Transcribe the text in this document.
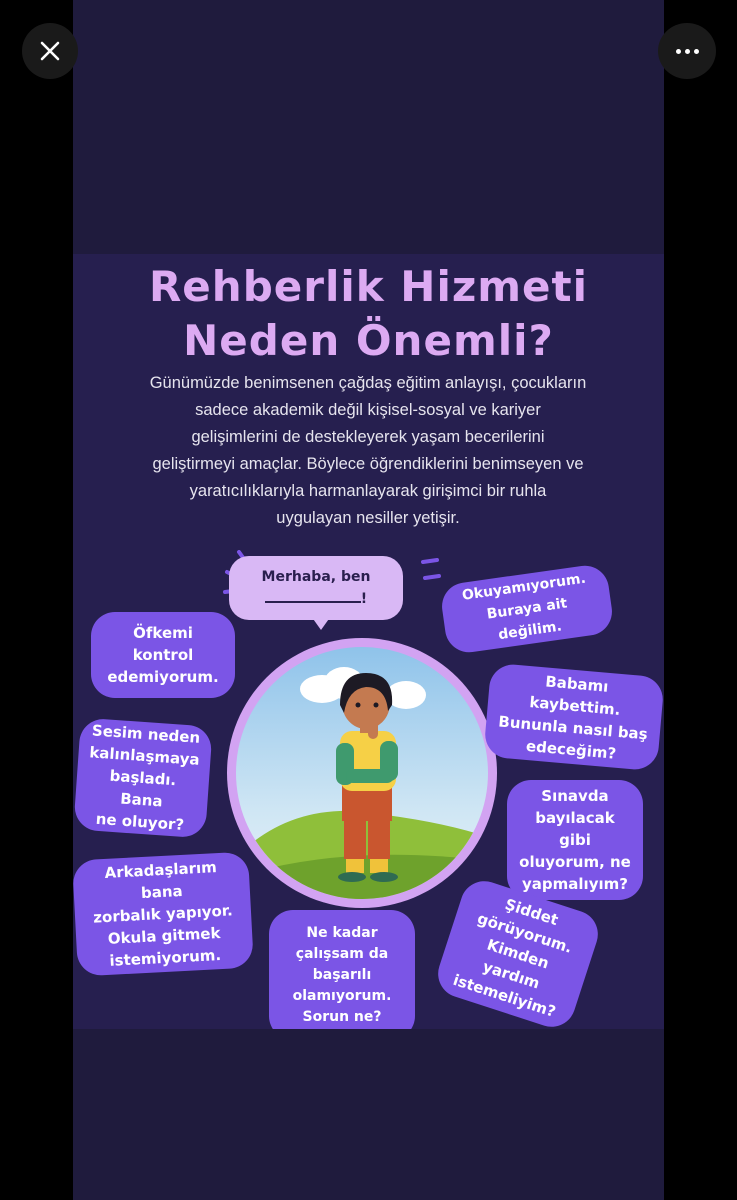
Rehberlik Hizmeti
Neden Önemli?
Günümüzde benimsenen çağdaş eğitim anlayışı, çocukların
sadece akademik değil kişisel-sosyal ve kariyer
gelişimlerini de destekleyerek yaşam becerilerini
geliştirmeyi amaçlar. Böylece öğrendiklerini benimseyen ve
yaratıcılıklarıyla harmanlayarak girişimci bir ruhla
uygulayan nesiller yetişir.
Merhaba, ben
!	Okuyamıyorum.
Buraya ait değilim.
Öfkemi kontrol
edemiyorum.	Babamı kaybettim.
Bununla nasıl baş
edeceğim?
Sesim neden
kalınlaşmaya
başladı. Bana
ne oluyor?
Sınavda
bayılacak gibi
oluyorum, ne
yapmalıyım?
Arkadaşlarım bana
zorbalık yapıyor.
Okula gitmek
istemiyorum.
Ne kadar
çalışsam da
başarılı
olamıyorum.
Sorun ne?
Şiddet
görüyorum.
Kimden yardım
istemeliyim?
